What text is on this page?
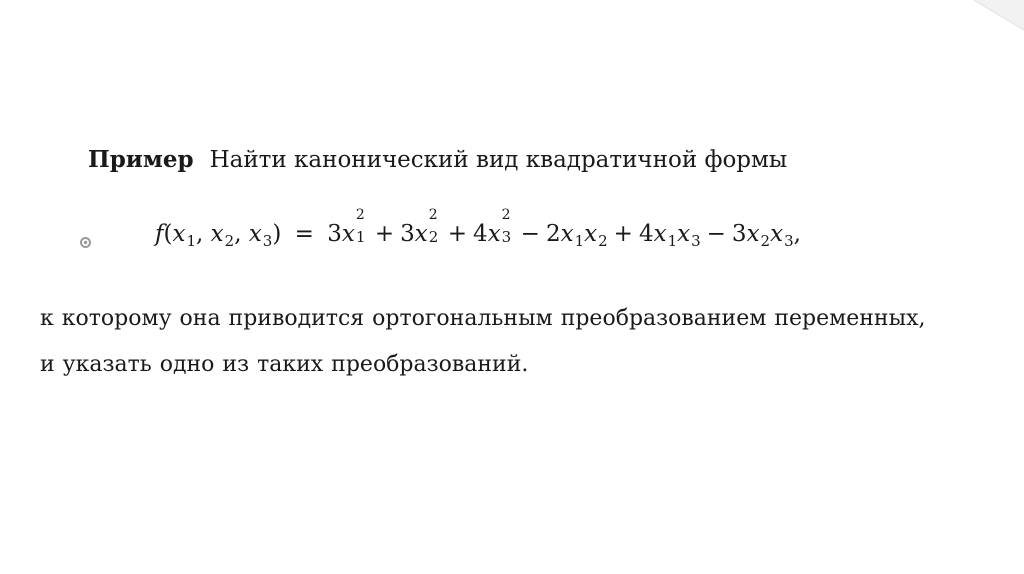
Пример Найти канонический вид квадратичной формы
$f(x_1$, $x_2$, $x_3) = 3x$
2
1 + 3x
2
2 + 4x
2
$3 - 2x_1x_2 + 4x_1x_3 - 3x_2x_3$,
к которому она приводится ортогональным преобразованием переменных,
и указать одно из таких преобразований.
